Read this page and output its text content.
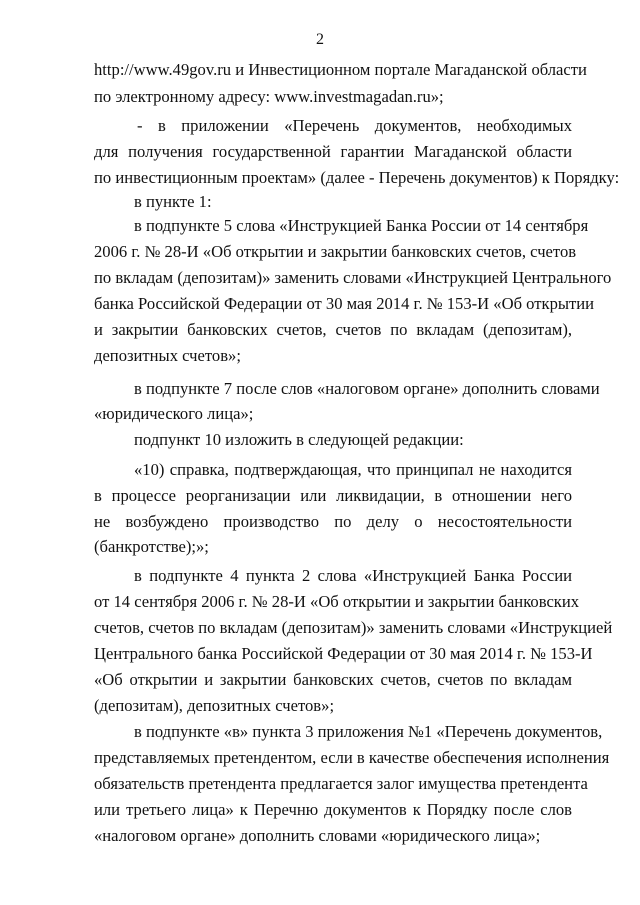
2
http://www.49gov.ru и Инвестиционном портале Магаданской области
по электронному адресу: www.investmagadan.ru»;
- в приложении «Перечень документов, необходимых
для получения государственной гарантии Магаданской области
по инвестиционным проектам» (далее - Перечень документов) к Порядку:
в пункте 1:
в подпункте 5 слова «Инструкцией Банка России от 14 сентября
2006 г. № 28-И «Об открытии и закрытии банковских счетов, счетов
по вкладам (депозитам)» заменить словами «Инструкцией Центрального
банка Российской Федерации от 30 мая 2014 г. № 153-И «Об открытии
и закрытии банковских счетов, счетов по вкладам (депозитам),
депозитных счетов»;
в подпункте 7 после слов «налоговом органе» дополнить словами
«юридического лица»;
подпункт 10 изложить в следующей редакции:
«10) справка, подтверждающая, что принципал не находится
в процессе реорганизации или ликвидации, в отношении него
не возбуждено производство по делу о несостоятельности
(банкротстве);»;
в подпункте 4 пункта 2 слова «Инструкцией Банка России
от 14 сентября 2006 г. № 28-И «Об открытии и закрытии банковских
счетов, счетов по вкладам (депозитам)» заменить словами «Инструкцией
Центрального банка Российской Федерации от 30 мая 2014 г. № 153-И
«Об открытии и закрытии банковских счетов, счетов по вкладам
(депозитам), депозитных счетов»;
в подпункте «в» пункта 3 приложения №1 «Перечень документов,
представляемых претендентом, если в качестве обеспечения исполнения
обязательств претендента предлагается залог имущества претендента
или третьего лица» к Перечню документов к Порядку после слов
«налоговом органе» дополнить словами «юридического лица»;
